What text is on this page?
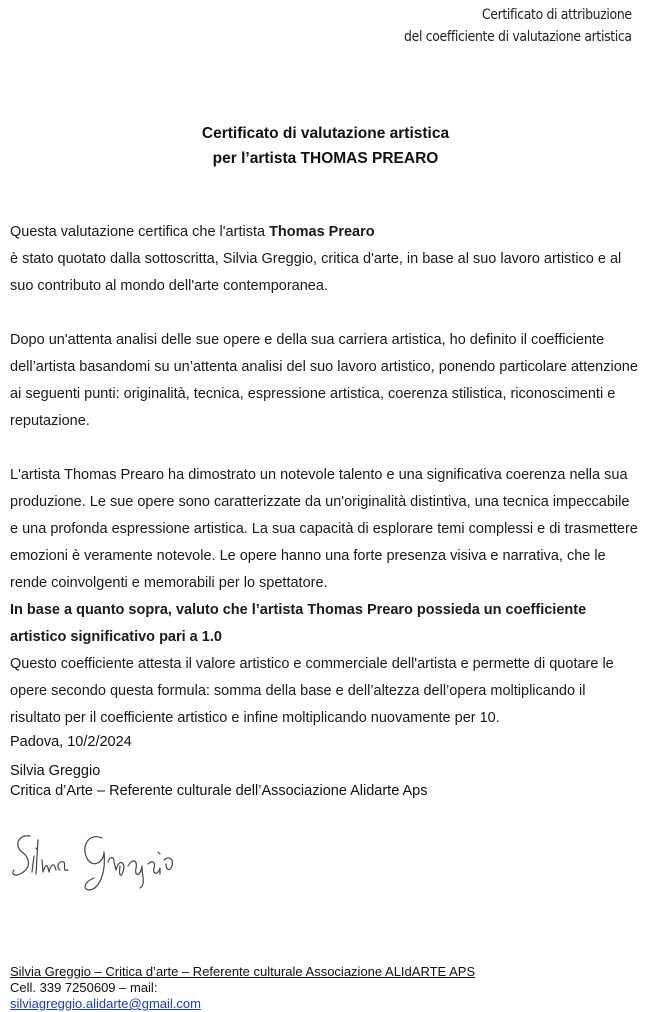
Certificato di attribuzione
del coefficiente di valutazione artistica
Certificato di valutazione artistica
per l’artista THOMAS PREARO

Questa valutazione certifica che l'artista Thomas Prearo

è stato quotato dalla sottoscritta, Silvia Greggio, critica d'arte, in base al suo lavoro artistico e al suo contributo al mondo dell'arte contemporanea.

Dopo un'attenta analisi delle sue opere e della sua carriera artistica, ho definito il coefficiente dell’artista basandomi su un’attenta analisi del suo lavoro artistico, ponendo particolare attenzione ai seguenti punti: originalità, tecnica, espressione artistica, coerenza stilistica, riconoscimenti e reputazione.

L'artista Thomas Prearo ha dimostrato un notevole talento e una significativa coerenza nella sua produzione. Le sue opere sono caratterizzate da un'originalità distintiva, una tecnica impeccabile e una profonda espressione artistica. La sua capacità di esplorare temi complessi e di trasmettere emozioni è veramente notevole. Le opere hanno una forte presenza visiva e narrativa, che le rende coinvolgenti e memorabili per lo spettatore.

In base a quanto sopra, valuto che l’artista Thomas Prearo possieda un coefficiente artistico significativo pari a 1.0

Questo coefficiente attesta il valore artistico e commerciale dell'artista e permette di quotare le opere secondo questa formula: somma della base e dell’altezza dell’opera moltiplicando il risultato per il coefficiente artistico e infine moltiplicando nuovamente per 10.

Padova, 10/2/2024
Silvia Greggio
Critica d’Arte – Referente culturale dell’Associazione Alidarte Aps
Silvia Greggio – Critica d’arte – Referente culturale Associazione ALIdARTE APS
Cell. 339 7250609 – mail:
silviagreggio.alidarte@gmail.com
